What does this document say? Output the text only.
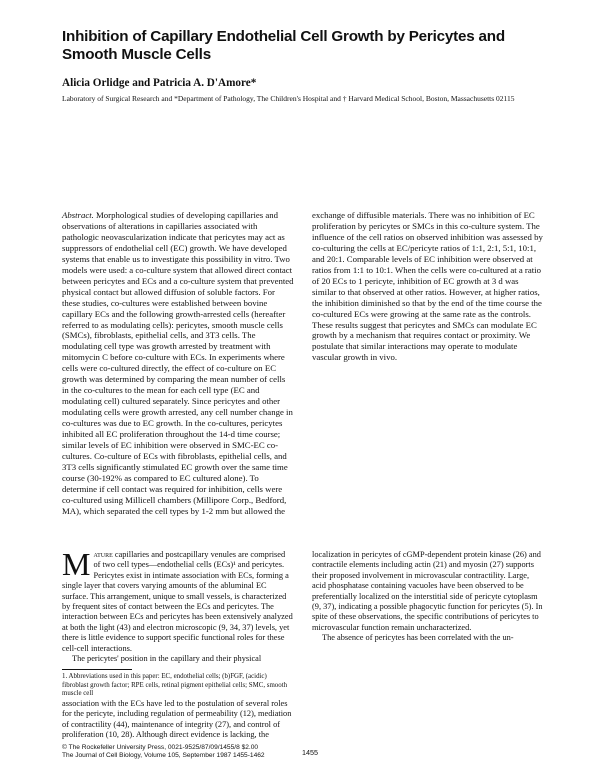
Inhibition of Capillary Endothelial Cell Growth by Pericytes and Smooth Muscle Cells
Alicia Orlidge and Patricia A. D'Amore*
Laboratory of Surgical Research and *Department of Pathology, The Children's Hospital and † Harvard Medical School, Boston, Massachusetts 02115

Abstract. Morphological studies of developing capillaries and observations of alterations in capillaries associated with pathologic neovascularization indicate that pericytes may act as suppressors of endothelial cell (EC) growth. We have developed systems that enable us to investigate this possibility in vitro. Two models were used: a co-culture system that allowed direct contact between pericytes and ECs and a co-culture system that prevented physical contact but allowed diffusion of soluble factors. For these studies, co-cultures were established between bovine capillary ECs and the following growth-arrested cells (hereafter referred to as modulating cells): pericytes, smooth muscle cells (SMCs), fibroblasts, epithelial cells, and 3T3 cells. The modulating cell type was growth arrested by treatment with mitomycin C before co-culture with ECs. In experiments where cells were co-cultured directly, the effect of co-culture on EC growth was determined by comparing the mean number of cells in the co-cultures to the mean for each cell type (EC and modulating cell) cultured separately. Since pericytes and other modulating cells were growth arrested, any cell number change in co-cultures was due to EC growth. In the co-cultures, pericytes inhibited all EC proliferation throughout the 14-d time course; similar levels of EC inhibition were observed in SMC-EC co-cultures. Co-culture of ECs with fibroblasts, epithelial cells, and 3T3 cells significantly stimulated EC growth over the same time course (30-192% as compared to EC cultured alone). To determine if cell contact was required for inhibition, cells were co-cultured using Millicell chambers (Millipore Corp., Bedford, MA), which separated the cell types by 1-2 mm but allowed the exchange of diffusible materials. There was no inhibition of EC proliferation by pericytes or SMCs in this co-culture system. The influence of the cell ratios on observed inhibition was assessed by co-culturing the cells at EC/pericyte ratios of 1:1, 2:1, 5:1, 10:1, and 20:1. Comparable levels of EC inhibition were observed at ratios from 1:1 to 10:1. When the cells were co-cultured at a ratio of 20 ECs to 1 pericyte, inhibition of EC growth at 3 d was similar to that observed at other ratios. However, at higher ratios, the inhibition diminished so that by the end of the time course the co-cultured ECs were growing at the same rate as the controls. These results suggest that pericytes and SMCs can modulate EC growth by a mechanism that requires contact or proximity. We postulate that similar interactions may operate to modulate vascular growth in vivo.

Mature capillaries and postcapillary venules are comprised of two cell types—endothelial cells (ECs)¹ and pericytes. Pericytes exist in intimate association with ECs, forming a single layer that covers varying amounts of the abluminal EC surface. This arrangement, unique to small vessels, is characterized by frequent sites of contact between the ECs and pericytes. The interaction between ECs and pericytes has been extensively analyzed at both the light (43) and electron microscopic (9, 34, 37) levels, yet there is little evidence to support specific functional roles for these cell-cell interactions.

The pericytes' position in the capillary and their physical

1. Abbreviations used in this paper: EC, endothelial cells; (b)FGF, (acidic) fibroblast growth factor; RPE cells, retinal pigment epithelial cells; SMC, smooth muscle cell

association with the ECs have led to the postulation of several roles for the pericyte, including regulation of permeability (12), mediation of contractility (44), maintenance of integrity (27), and control of proliferation (10, 28). Although direct evidence is lacking, the localization in pericytes of cGMP-dependent protein kinase (26) and contractile elements including actin (21) and myosin (27) supports their proposed involvement in microvascular contractility. Large, acid phosphatase containing vacuoles have been observed to be preferentially localized on the interstitial side of pericyte cytoplasm (9, 37), indicating a possible phagocytic function for pericytes (5). In spite of these observations, the specific contributions of pericytes to microvascular function remain uncharacterized.

The absence of pericytes has been correlated with the un-

© The Rockefeller University Press, 0021-9525/87/09/1455/8 $2.00
The Journal of Cell Biology, Volume 105, September 1987 1455-1462	1455
